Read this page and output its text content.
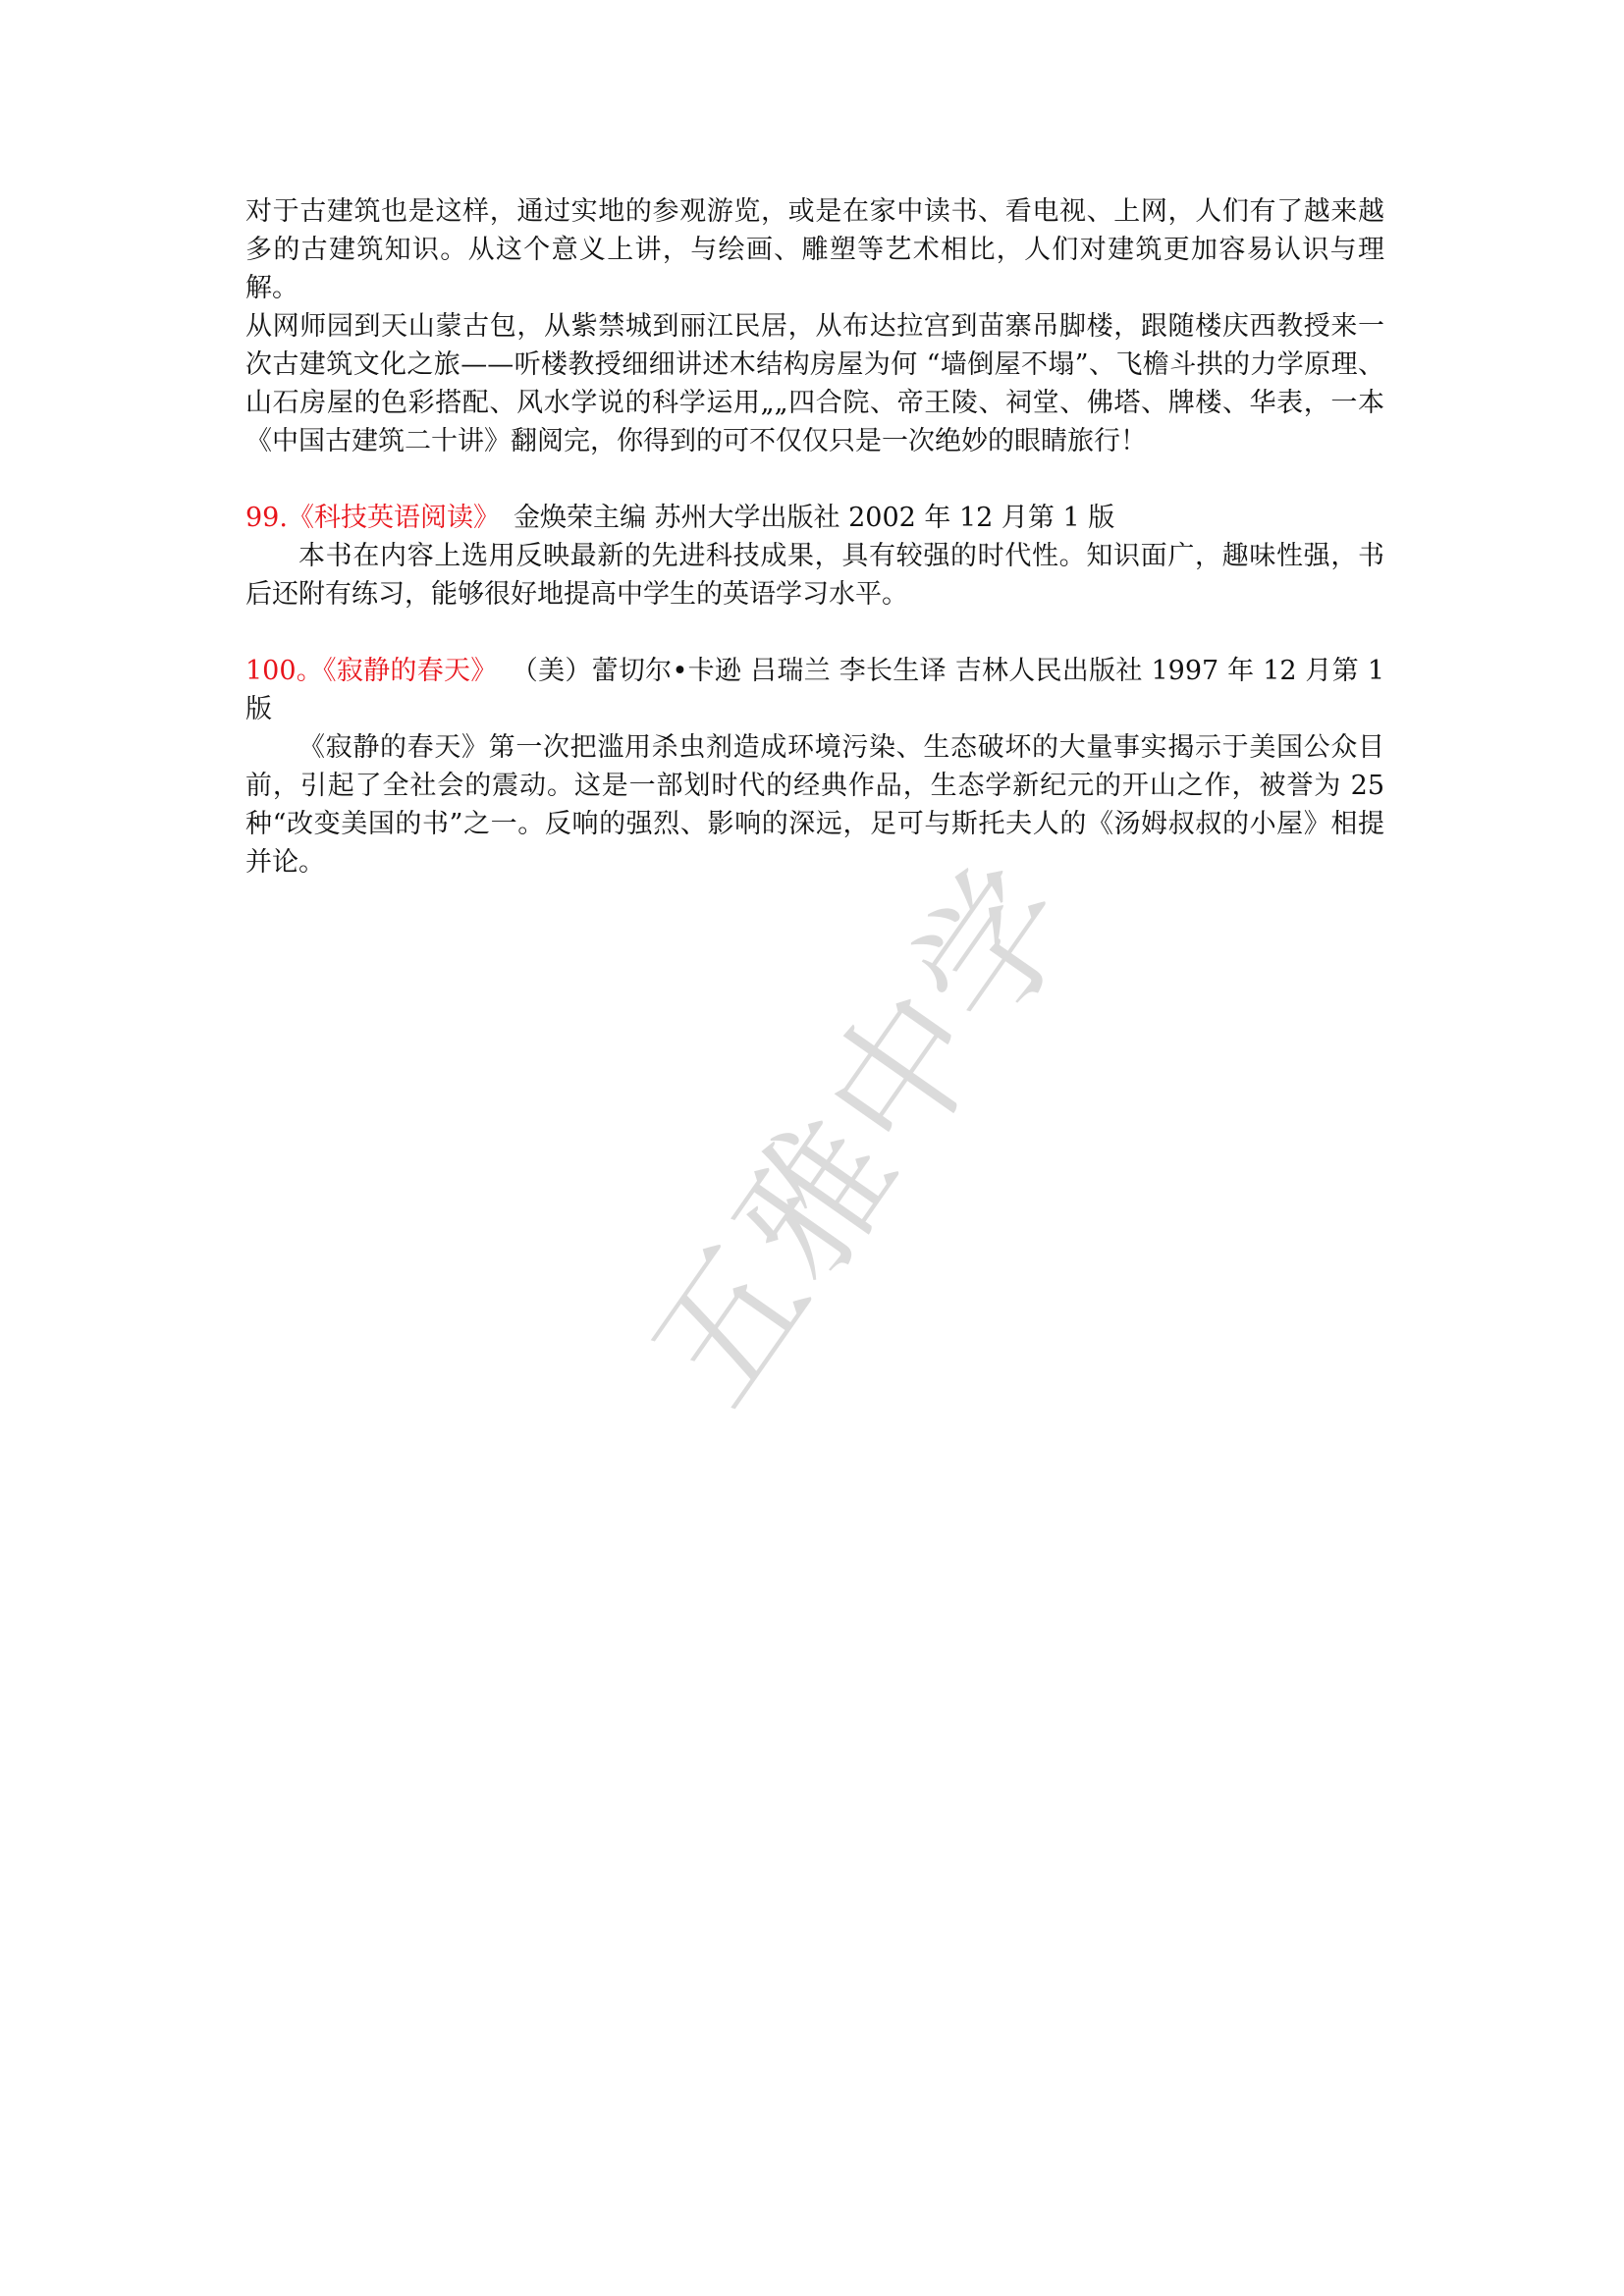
对于古建筑也是这样，通过实地的参观游览，或是在家中读书、看电视、上网，人们有了越来越多的古建筑知识。从这个意义上讲，与绘画、雕塑等艺术相比，人们对建筑更加容易认识与理解。

从网师园到天山蒙古包，从紫禁城到丽江民居，从布达拉宫到苗寨吊脚楼，跟随楼庆西教授来一次古建筑文化之旅——听楼教授细细讲述木结构房屋为何 “墙倒屋不塌”、飞檐斗拱的力学原理、山石房屋的色彩搭配、风水学说的科学运用„„四合院、帝王陵、祠堂、佛塔、牌楼、华表，一本《中国古建筑二十讲》翻阅完，你得到的可不仅仅只是一次绝妙的眼睛旅行！

99.《科技英语阅读》 金焕荣主编 苏州大学出版社 2002 年 12 月第 1 版

本书在内容上选用反映最新的先进科技成果，具有较强的时代性。知识面广，趣味性强，书后还附有练习，能够很好地提高中学生的英语学习水平。

100。《寂静的春天》 （美）蕾切尔•卡逊 吕瑞兰 李长生译 吉林人民出版社 1997 年 12 月第 1 版

《寂静的春天》第一次把滥用杀虫剂造成环境污染、生态破坏的大量事实揭示于美国公众目前，引起了全社会的震动。这是一部划时代的经典作品，生态学新纪元的开山之作，被誉为 25 种“改变美国的书”之一。反响的强烈、影响的深远，足可与斯托夫人的《汤姆叔叔的小屋》相提并论。	五雅中学
